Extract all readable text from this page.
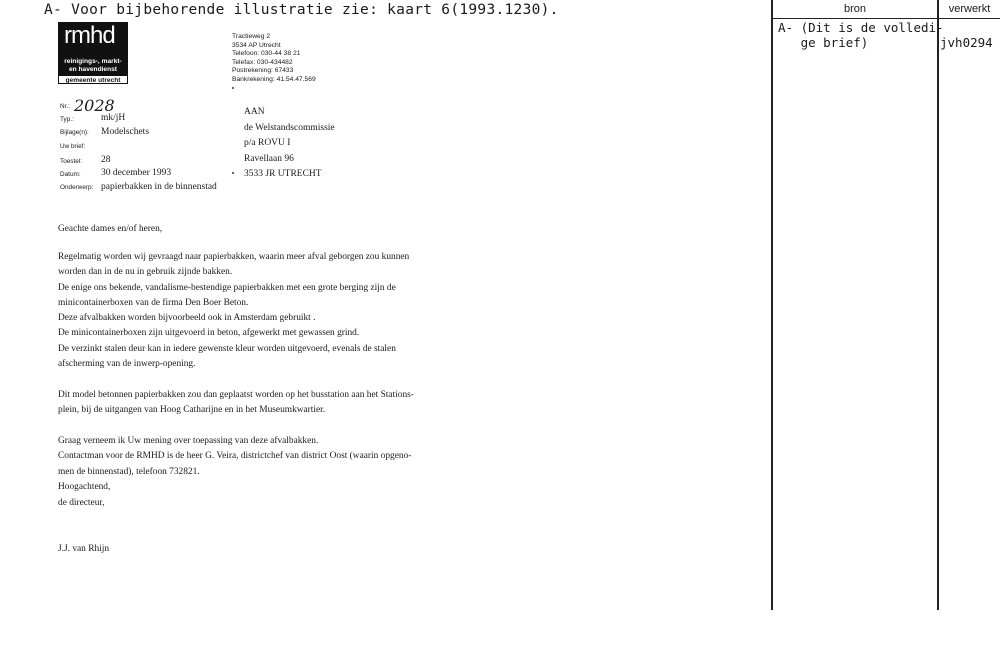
A- Voor bijbehorende illustratie zie: kaart 6(1993.1230).
rmhd
reinigings-, markt-
en havendienst
gemeente utrecht
Tractieweg 2
3534 AP Utrecht
Telefoon: 030-44 38 21
Telefax: 030-434482
Postrekening: 67433
Bankrekening: 41.54.47.569
Nr.: 2028
Typ.:	mk/jH
Bijlage(n): Modelschets
Uw brief:
Toestel: 28
Datum: 30 december 1993
Onderwerp: papierbakken in de binnenstad
AAN
de Welstandscommissie
p/a ROVU I
Ravellaan 96
3533 JR UTRECHT
Geachte dames en/of heren,
Regelmatig worden wij gevraagd naar papierbakken, waarin meer afval geborgen zou kunnen
worden dan in de nu in gebruik zijnde bakken.
De enige ons bekende, vandalisme-bestendige papierbakken met een grote berging zijn de
minicontainerboxen van de firma Den Boer Beton.
Deze afvalbakken worden bijvoorbeeld ook in Amsterdam gebruikt .
De minicontainerboxen zijn uitgevoerd in beton, afgewerkt met gewassen grind.
De verzinkt stalen deur kan in iedere gewenste kleur worden uitgevoerd, evenals de stalen
afscherming van de inwerp-opening.
Dit model betonnen papierbakken zou dan geplaatst worden op het busstation aan het Stations-
plein, bij de uitgangen van Hoog Catharijne en in het Museumkwartier.
Graag verneem ik Uw mening over toepassing van deze afvalbakken.
Contactman voor de RMHD is de heer G. Veira, districtchef van district Oost (waarin opgeno-
men de binnenstad), telefoon 732821.
Hoogachtend,
de directeur,
J.J. van Rhijn
bron	verwerkt
A- (Dit is de volledi-
ge brief)	jvh0294
